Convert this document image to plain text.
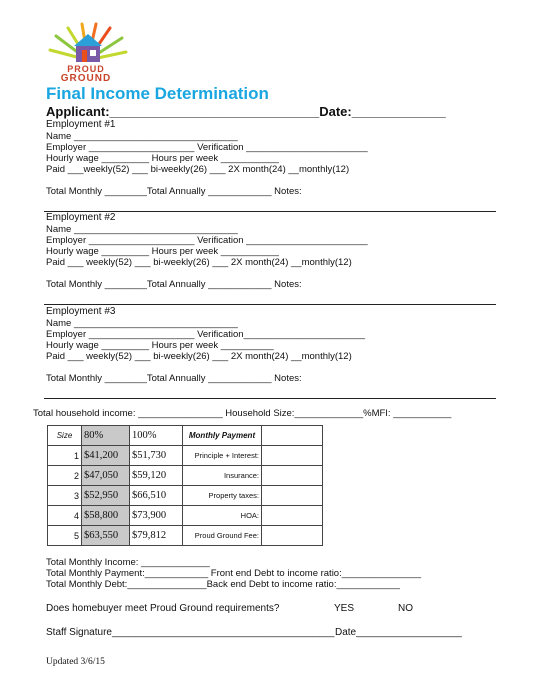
PROUD
GROUND
Final Income Determination
Applicant:_____________________________Date:_____________
Employment #1
Name _______________________________
Employer ____________________ Verification _______________________
Hourly wage _________ Hours per week ___________
Paid ___weekly(52) ___ bi-weekly(26) ___ 2X month(24) __monthly(12)
Total Monthly ________Total Annually ____________ Notes:
Employment #2
Name _______________________________
Employer ____________________ Verification _______________________
Hourly wage _________ Hours per week ___________
Paid ___ weekly(52) ___ bi-weekly(26) ___ 2X month(24) __monthly(12)
Total Monthly ________Total Annually ____________ Notes:
Employment #3
Name _______________________________
Employer ____________________ Verification_______________________
Hourly wage _________ Hours per week __________
Paid ___ weekly(52) ___ bi-weekly(26) ___ 2X month(24) __monthly(12)
Total Monthly ________Total Annually ____________ Notes:
Total household income: ________________ Household Size:_____________%MFI: ___________
Size	80%	100%	Monthly Payment	
1	$41,200	$51,730	Principle + Interest:	
2	$47,050	$59,120	Insurance:	
3	$52,950	$66,510	Property taxes:	
4	$58,800	$73,900	HOA:	
5	$63,550	$79,812	Proud Ground Fee:	
Total Monthly Income: _____________
Total Monthly Payment:____________ Front end Debt to income ratio:_______________
Total Monthly Debt:_______________Back end Debt to income ratio:____________
Does homebuyer meet Proud Ground requirements?	YES	NO
Staff Signature________________________________________ Date___________________
Updated 3/6/15
